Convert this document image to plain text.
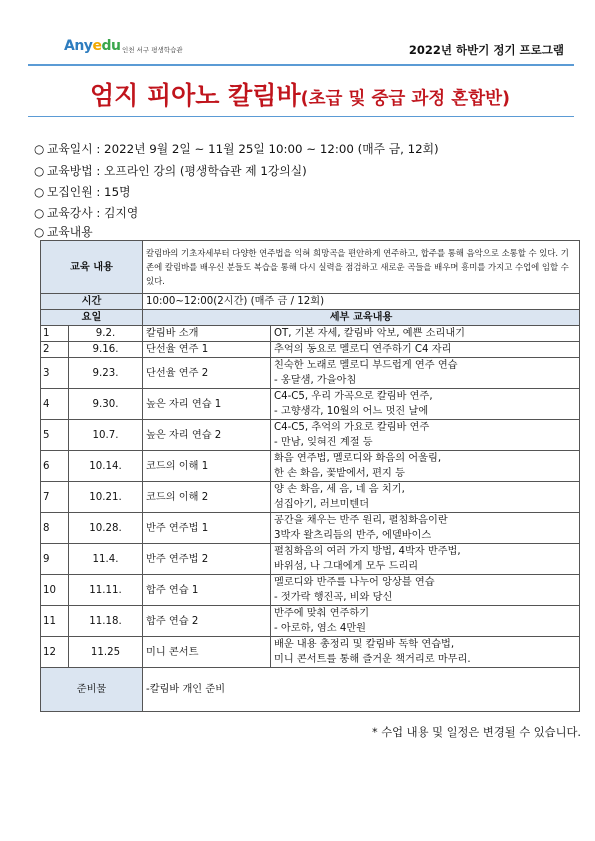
Anyedu 인천 서구 평생학습관	2022년 하반기 정기 프로그램
엄지 피아노 칼림바(초급 및 중급 과정 혼합반)
○ 교육일시 : 2022년 9월 2일 ~ 11월 25일 10:00 ~ 12:00 (매주 금, 12회)
○ 교육방법 : 오프라인 강의 (평생학습관 제 1강의실)
○ 모집인원 : 15명
○ 교육강사 : 김지영
○ 교육내용
교육 내용		칼림바의 기초자세부터 다양한 연주법을 익혀 희망곡을 편안하게 연주하고, 합주를 통해 음악으로 소통할 수 있다. 기존에 칼림바를 배우신 분들도 복습을 통해 다시 실력을 점검하고 새로운 곡들을 배우며 흥미를 가지고 수업에 임할 수 있다.	
시간		10:00~12:00(2시간) (매주 금 / 12회)	
요일		세부 교육내용	
1	9.2.	칼림바 소개	OT, 기본 자세, 칼림바 악보, 예쁜 소리내기

2	9.16.	단선율 연주 1	추억의 동요로 멜로디 연주하기 C4 자리

3	9.23.	단선율 연주 2	친숙한 노래로 멜로디 부드럽게 연주 연습
- 옹달샘, 가을아침

4	9.30.	높은 자리 연습 1	C4-C5, 우리 가곡으로 칼림바 연주,
- 고향생각, 10월의 어느 멋진 날에

5	10.7.	높은 자리 연습 2	C4-C5, 추억의 가요로 칼림바 연주
- 만남, 잊혀진 계절 등

6	10.14.	코드의 이해 1	화음 연주법, 멜로디와 화음의 어울림,
한 손 화음, 꽃밭에서, 편지 등

7	10.21.	코드의 이해 2	양 손 화음, 세 음, 네 음 치기,
섬집아기, 러브미텐더

8	10.28.	반주 연주법 1	공간을 채우는 반주 원리, 펼침화음이란
3박자 왈츠리듬의 반주, 에델바이스

9	11.4.	반주 연주법 2	펼침화음의 여러 가지 방법, 4박자 반주법,
바위섬, 나 그대에게 모두 드리리

10	11.11.	합주 연습 1	멜로디와 반주를 나누어 앙상블 연습
- 젓가락 행진곡, 비와 당신

11	11.18.	합주 연습 2	반주에 맞춰 연주하기
- 아로하, 염소 4만원

12	11.25	미니 콘서트	배운 내용 총정리 및 칼림바 독학 연습법,
미니 콘서트를 통해 즐거운 책거리로 마무리.

준비물		-칼림바 개인 준비	
* 수업 내용 및 일정은 변경될 수 있습니다.
